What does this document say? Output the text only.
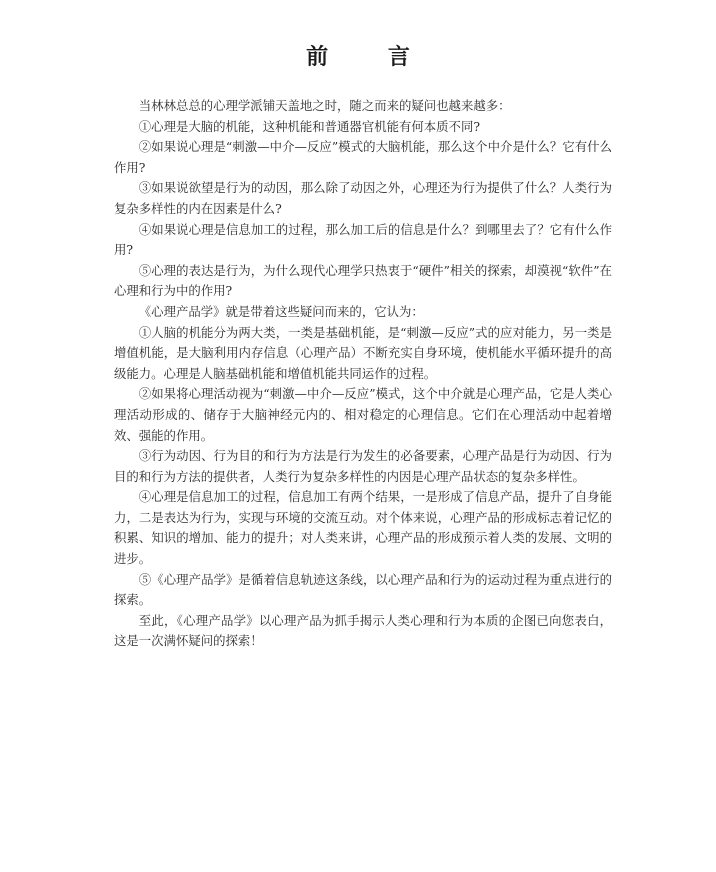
前 言

当林林总总的心理学派铺天盖地之时，随之而来的疑问也越来越多：

①心理是大脑的机能，这种机能和普通器官机能有何本质不同?

②如果说心理是“刺激—中介—反应”模式的大脑机能，那么这个中介是什么？它有什么作用?

③如果说欲望是行为的动因，那么除了动因之外，心理还为行为提供了什么？人类行为复杂多样性的内在因素是什么?

④如果说心理是信息加工的过程，那么加工后的信息是什么？到哪里去了？它有什么作用?

⑤心理的表达是行为，为什么现代心理学只热衷于“硬件”相关的探索，却漠视“软件”在心理和行为中的作用?

《心理产品学》就是带着这些疑问而来的，它认为：

①人脑的机能分为两大类，一类是基础机能，是“刺激—反应”式的应对能力，另一类是增值机能，是大脑利用内存信息（心理产品）不断充实自身环境，使机能水平循环提升的高级能力。心理是人脑基础机能和增值机能共同运作的过程。

②如果将心理活动视为“刺激—中介—反应”模式，这个中介就是心理产品，它是人类心理活动形成的、储存于大脑神经元内的、相对稳定的心理信息。它们在心理活动中起着增效、强能的作用。

③行为动因、行为目的和行为方法是行为发生的必备要素，心理产品是行为动因、行为目的和行为方法的提供者，人类行为复杂多样性的内因是心理产品状态的复杂多样性。

④心理是信息加工的过程，信息加工有两个结果，一是形成了信息产品，提升了自身能力，二是表达为行为，实现与环境的交流互动。对个体来说，心理产品的形成标志着记忆的积累、知识的增加、能力的提升；对人类来讲，心理产品的形成预示着人类的发展、文明的进步。

⑤《心理产品学》是循着信息轨迹这条线，以心理产品和行为的运动过程为重点进行的探索。

至此，《心理产品学》以心理产品为抓手揭示人类心理和行为本质的企图已向您表白，这是一次满怀疑问的探索！
